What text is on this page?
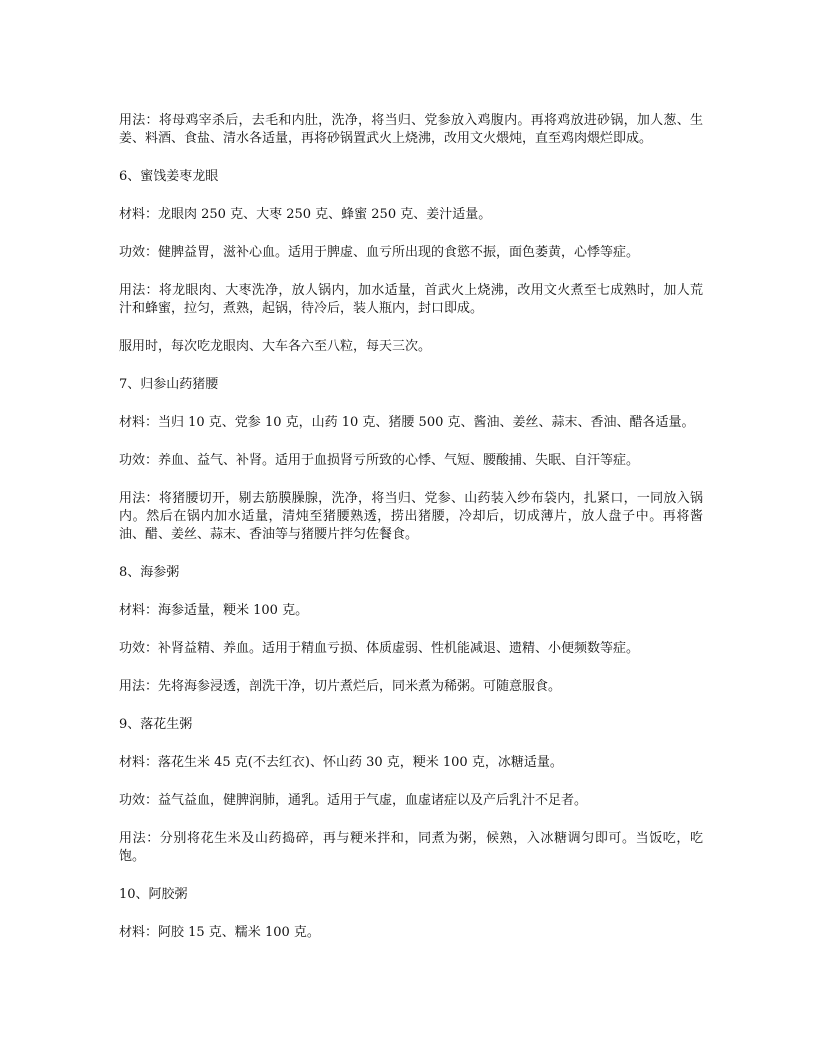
用法：将母鸡宰杀后，去毛和内肚，洗净，将当归、党参放入鸡腹内。再将鸡放进砂锅，加人葱、生姜、料酒、食盐、清水各适量，再将砂锅置武火上烧沸，改用文火煨炖，直至鸡肉煨烂即成。

6、蜜饯姜枣龙眼

材料：龙眼肉 250 克、大枣 250 克、蜂蜜 250 克、姜汁适量。

功效：健脾益胃，滋补心血。适用于脾虚、血亏所出现的食慾不振，面色萎黄，心悸等症。

用法：将龙眼肉、大枣洗净，放人锅内，加水适量，首武火上烧沸，改用文火煮至七成熟时，加人荒汁和蜂蜜，拉匀，煮熟，起锅，待冷后，装人瓶内，封口即成。

服用时，每次吃龙眼肉、大车各六至八粒，每天三次。

7、归参山药猪腰

材料：当归 10 克、党参 10 克，山药 10 克、猪腰 500 克、酱油、姜丝、蒜末、香油、醋各适量。

功效：养血、益气、补肾。适用于血损肾亏所致的心悸、气短、腰酸捕、失眠、自汗等症。

用法：将猪腰切开，剔去筋膜臊腺，洗净，将当归、党参、山药装入纱布袋内，扎紧口，一同放入锅内。然后在锅内加水适量，清炖至猪腰熟透，捞出猪腰，冷却后，切成薄片，放人盘子中。再将酱油、醋、姜丝、蒜末、香油等与猪腰片拌匀佐餐食。

8、海参粥

材料：海参适量，粳米 100 克。

功效：补肾益精、养血。适用于精血亏损、体质虚弱、性机能减退、遗精、小便频数等症。

用法：先将海参浸透，剖洗干净，切片煮烂后，同米煮为稀粥。可随意服食。

9、落花生粥

材料：落花生米 45 克(不去红衣)、怀山药 30 克，粳米 100 克，冰糖适量。

功效：益气益血，健脾润肺，通乳。适用于气虚，血虚诸症以及产后乳汁不足者。

用法：分别将花生米及山药捣碎，再与粳米拌和，同煮为粥，候熟，入冰糖调匀即可。当饭吃，吃饱。

10、阿胶粥

材料：阿胶 15 克、糯米 100 克。
